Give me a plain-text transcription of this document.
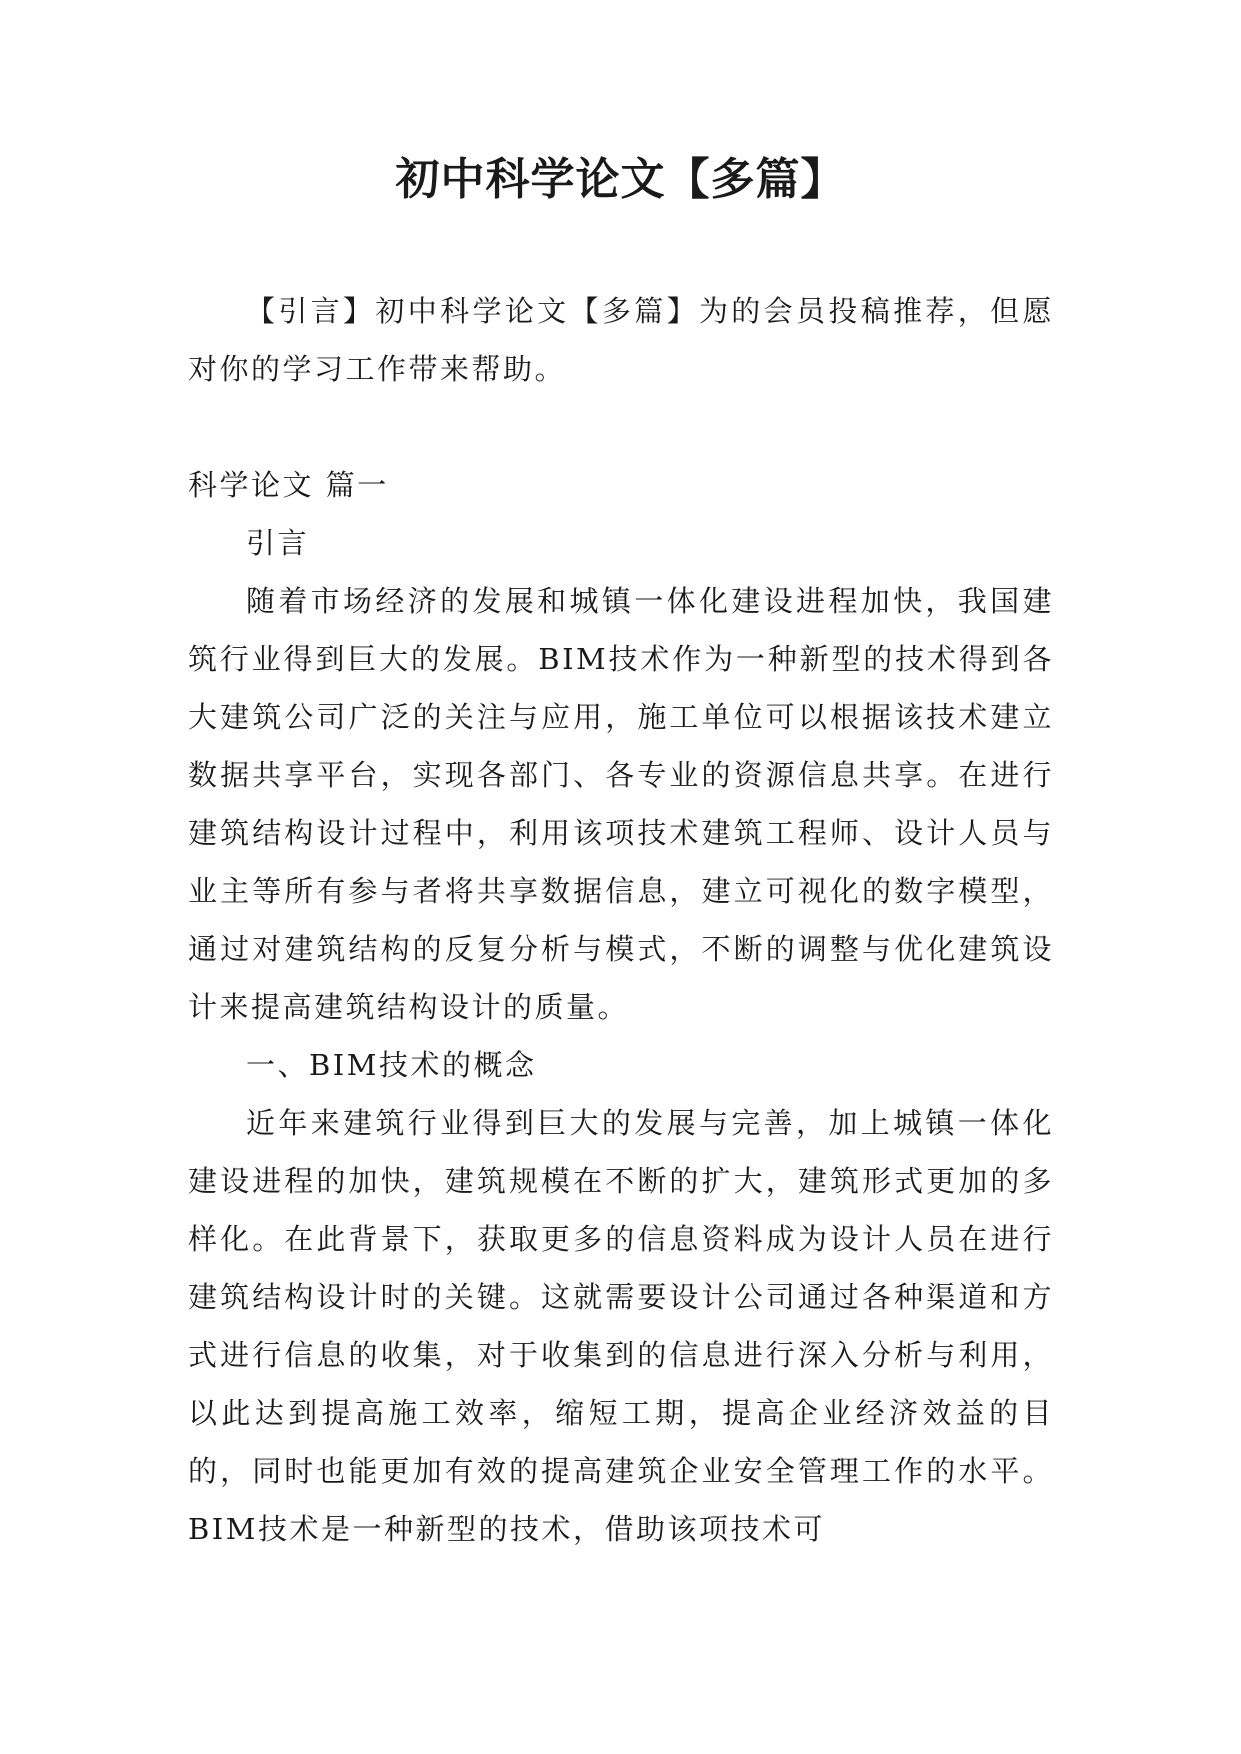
初中科学论文【多篇】

【引言】初中科学论文【多篇】为的会员投稿推荐，但愿对你的学习工作带来帮助。

科学论文 篇一

引言

随着市场经济的发展和城镇一体化建设进程加快，我国建筑行业得到巨大的发展。BIM技术作为一种新型的技术得到各大建筑公司广泛的关注与应用，施工单位可以根据该技术建立数据共享平台，实现各部门、各专业的资源信息共享。在进行建筑结构设计过程中，利用该项技术建筑工程师、设计人员与业主等所有参与者将共享数据信息，建立可视化的数字模型，通过对建筑结构的反复分析与模式，不断的调整与优化建筑设计来提高建筑结构设计的质量。

一、BIM技术的概念

近年来建筑行业得到巨大的发展与完善，加上城镇一体化建设进程的加快，建筑规模在不断的扩大，建筑形式更加的多样化。在此背景下，获取更多的信息资料成为设计人员在进行建筑结构设计时的关键。这就需要设计公司通过各种渠道和方式进行信息的收集，对于收集到的信息进行深入分析与利用，以此达到提高施工效率，缩短工期，提高企业经济效益的目的，同时也能更加有效的提高建筑企业安全管理工作的水平。BIM技术是一种新型的技术，借助该项技术可
